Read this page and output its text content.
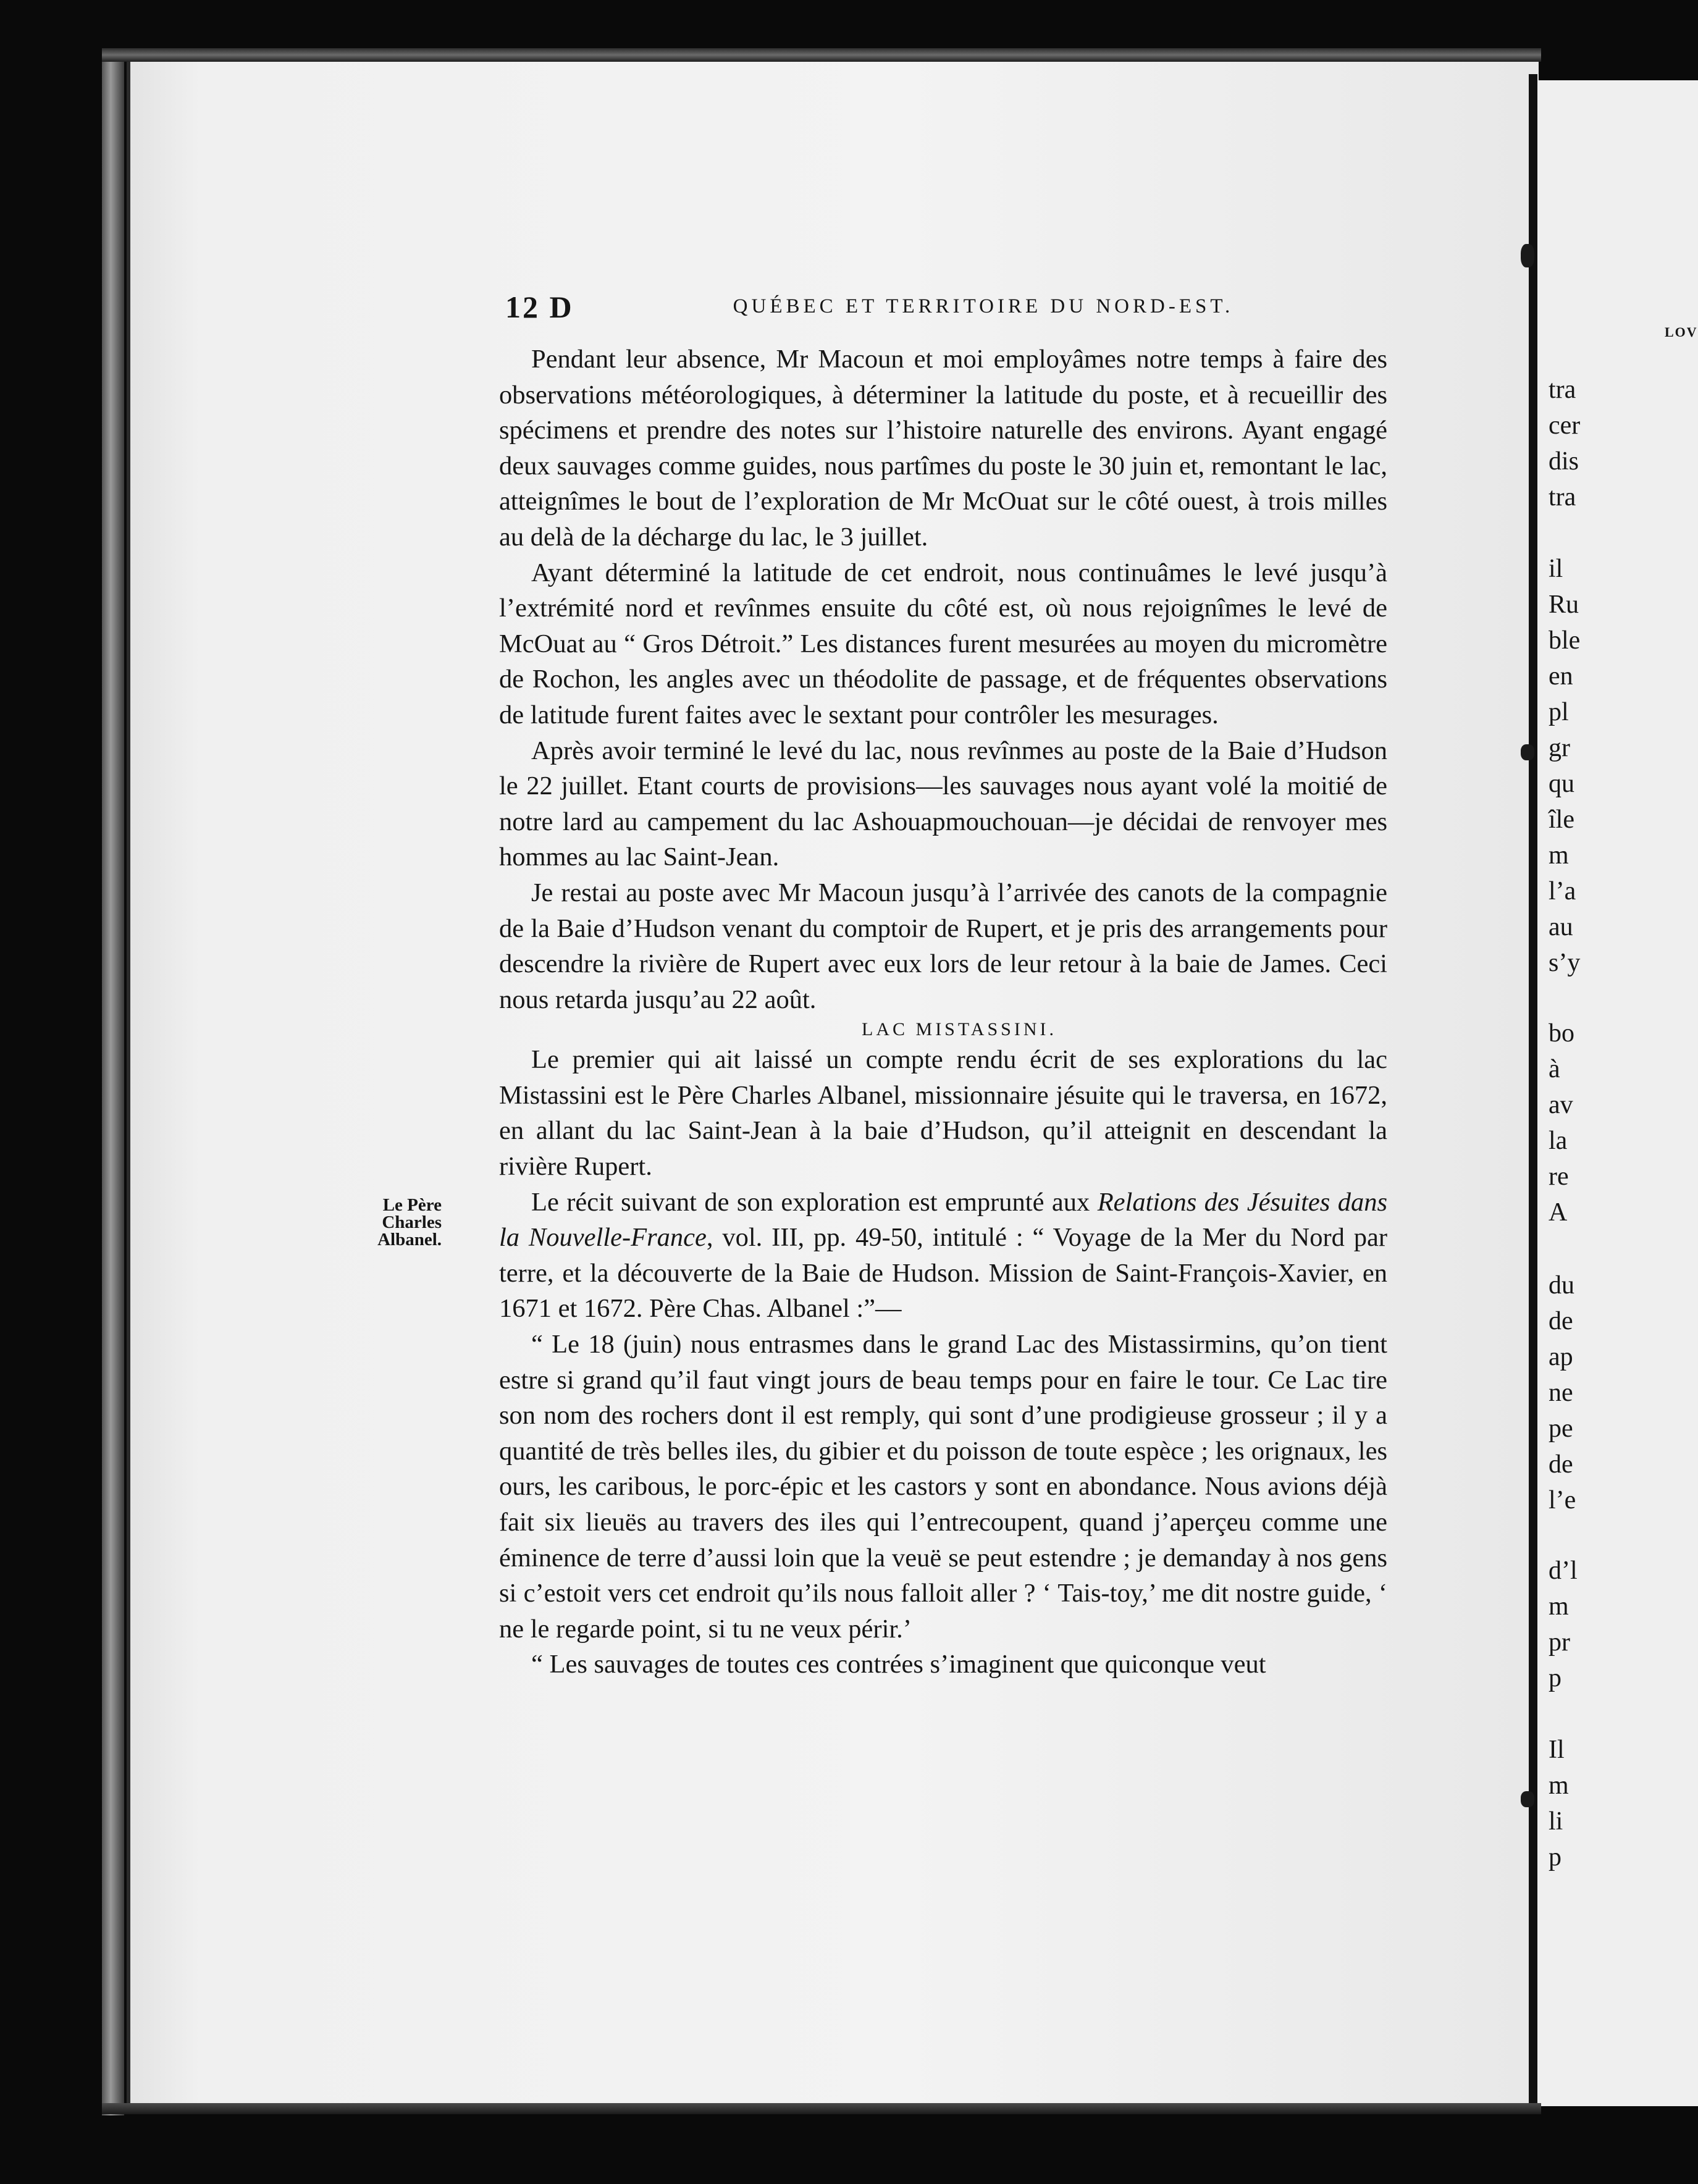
12 D	QUÉBEC ET TERRITOIRE DU NORD-EST.
Le Père
Charles
Albanel.

Pendant leur absence, Mr Macoun et moi employâmes notre temps à faire des observations météorologiques, à déterminer la latitude du poste, et à recueillir des spécimens et prendre des notes sur l’histoire naturelle des environs. Ayant engagé deux sauvages comme guides, nous partîmes du poste le 30 juin et, remontant le lac, atteignîmes le bout de l’exploration de Mr McOuat sur le côté ouest, à trois milles au delà de la décharge du lac, le 3 juillet.

Ayant déterminé la latitude de cet endroit, nous continuâmes le levé jusqu’à l’extrémité nord et revînmes ensuite du côté est, où nous rejoignîmes le levé de McOuat au “ Gros Détroit.” Les distances furent mesurées au moyen du micromètre de Rochon, les angles avec un théodolite de passage, et de fréquentes observations de latitude furent faites avec le sextant pour contrôler les mesurages.

Après avoir terminé le levé du lac, nous revînmes au poste de la Baie d’Hudson le 22 juillet. Etant courts de provisions—les sauvages nous ayant volé la moitié de notre lard au campement du lac Ashouapmouchouan—je décidai de renvoyer mes hommes au lac Saint-Jean.

Je restai au poste avec Mr Macoun jusqu’à l’arrivée des canots de la compagnie de la Baie d’Hudson venant du comptoir de Rupert, et je pris des arrangements pour descendre la rivière de Rupert avec eux lors de leur retour à la baie de James. Ceci nous retarda jusqu’au 22 août.

LAC MISTASSINI.

Le premier qui ait laissé un compte rendu écrit de ses explorations du lac Mistassini est le Père Charles Albanel, missionnaire jésuite qui le traversa, en 1672, en allant du lac Saint-Jean à la baie d’Hudson, qu’il atteignit en descendant la rivière Rupert.

Le récit suivant de son exploration est emprunté aux Relations des Jésuites dans la Nouvelle-France, vol. III, pp. 49-50, intitulé : “ Voyage de la Mer du Nord par terre, et la découverte de la Baie de Hudson. Mission de Saint-François-Xavier, en 1671 et 1672. Père Chas. Albanel :”—

“ Le 18 (juin) nous entrasmes dans le grand Lac des Mistassirmins, qu’on tient estre si grand qu’il faut vingt jours de beau temps pour en faire le tour. Ce Lac tire son nom des rochers dont il est remply, qui sont d’une prodigieuse grosseur ; il y a quantité de très belles iles, du gibier et du poisson de toute espèce ; les orignaux, les ours, les caribous, le porc-épic et les castors y sont en abondance. Nous avions déjà fait six lieuës au travers des iles qui l’entrecoupent, quand j’aperçeu comme une éminence de terre d’aussi loin que la veuë se peut estendre ; je demanday à nos gens si c’estoit vers cet endroit qu’ils nous falloit aller ? ‘ Tais-toy,’ me dit nostre guide, ‘ ne le regarde point, si tu ne veux périr.’

“ Les sauvages de toutes ces contrées s’imaginent que quiconque veut

LOV
tra
cer
dis
tra
il
Ru
ble
en
pl
gr
qu
île
m
l’a
au
s’y
bo
à
av
la
re
A
du
de
ap
ne
pe
de
l’e
d’l
m
pr
p
Il
m
li
p
